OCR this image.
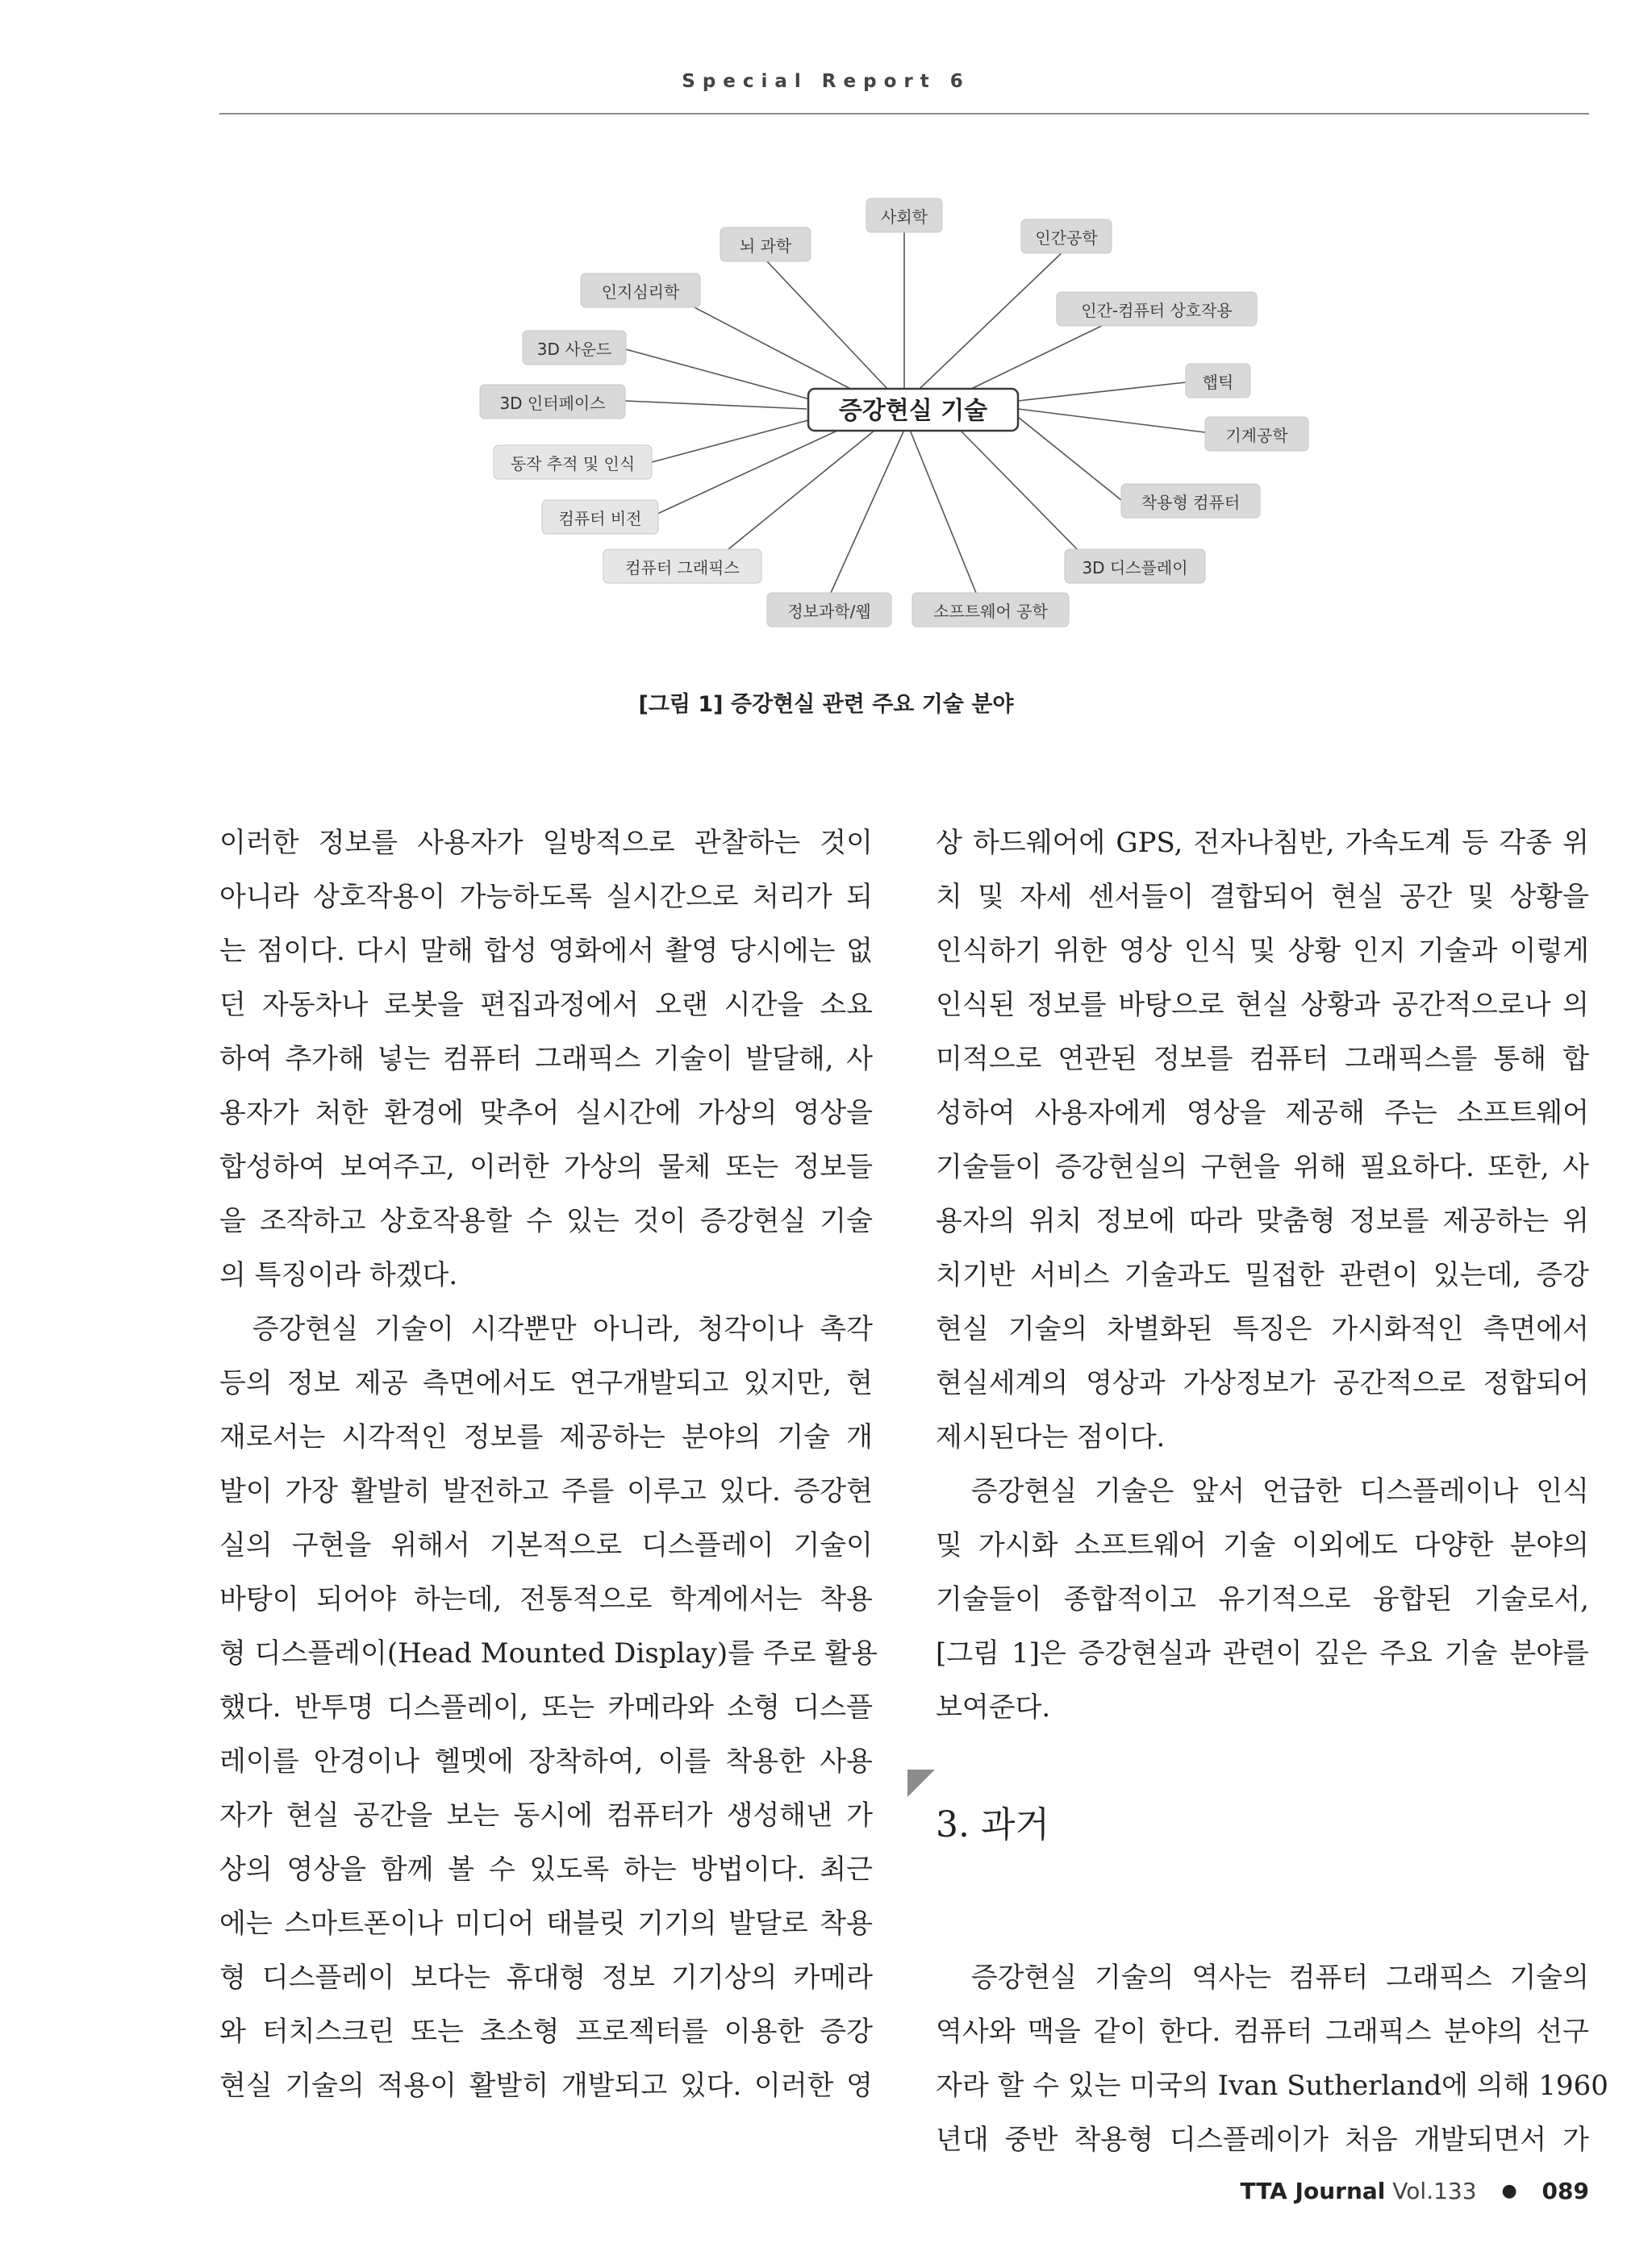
Special Report 6
사회학
뇌 과학	인간공학
인지심리학
인간-컴퓨터 상호작용
3D 사운드
햅틱
3D 인터페이스
기계공학
동작 추적 및 인식
착용형 컴퓨터
컴퓨터 비전
컴퓨터 그래픽스	3D 디스플레이
정보과학/웹	소프트웨어 공학
증강현실 기술
[그림 1] 증강현실 관련 주요 기술 분야
이러한 정보를 사용자가 일방적으로 관찰하는 것이
아니라 상호작용이 가능하도록 실시간으로 처리가 되
는 점이다. 다시 말해 합성 영화에서 촬영 당시에는 없
던 자동차나 로봇을 편집과정에서 오랜 시간을 소요
하여 추가해 넣는 컴퓨터 그래픽스 기술이 발달해, 사
용자가 처한 환경에 맞추어 실시간에 가상의 영상을
합성하여 보여주고, 이러한 가상의 물체 또는 정보들
을 조작하고 상호작용할 수 있는 것이 증강현실 기술
의 특징이라 하겠다.
증강현실 기술이 시각뿐만 아니라, 청각이나 촉각
등의 정보 제공 측면에서도 연구개발되고 있지만, 현
재로서는 시각적인 정보를 제공하는 분야의 기술 개
발이 가장 활발히 발전하고 주를 이루고 있다. 증강현
실의 구현을 위해서 기본적으로 디스플레이 기술이
바탕이 되어야 하는데, 전통적으로 학계에서는 착용
형 디스플레이(Head Mounted Display)를 주로 활용
했다. 반투명 디스플레이, 또는 카메라와 소형 디스플
레이를 안경이나 헬멧에 장착하여, 이를 착용한 사용
자가 현실 공간을 보는 동시에 컴퓨터가 생성해낸 가
상의 영상을 함께 볼 수 있도록 하는 방법이다. 최근
에는 스마트폰이나 미디어 태블릿 기기의 발달로 착용
형 디스플레이 보다는 휴대형 정보 기기상의 카메라
와 터치스크린 또는 초소형 프로젝터를 이용한 증강
현실 기술의 적용이 활발히 개발되고 있다. 이러한 영
상 하드웨어에 GPS, 전자나침반, 가속도계 등 각종 위
치 및 자세 센서들이 결합되어 현실 공간 및 상황을
인식하기 위한 영상 인식 및 상황 인지 기술과 이렇게
인식된 정보를 바탕으로 현실 상황과 공간적으로나 의
미적으로 연관된 정보를 컴퓨터 그래픽스를 통해 합
성하여 사용자에게 영상을 제공해 주는 소프트웨어
기술들이 증강현실의 구현을 위해 필요하다. 또한, 사
용자의 위치 정보에 따라 맞춤형 정보를 제공하는 위
치기반 서비스 기술과도 밀접한 관련이 있는데, 증강
현실 기술의 차별화된 특징은 가시화적인 측면에서
현실세계의 영상과 가상정보가 공간적으로 정합되어
제시된다는 점이다.
증강현실 기술은 앞서 언급한 디스플레이나 인식
및 가시화 소프트웨어 기술 이외에도 다양한 분야의
기술들이 종합적이고 유기적으로 융합된 기술로서,
[그림 1]은 증강현실과 관련이 깊은 주요 기술 분야를
보여준다.
증강현실 기술의 역사는 컴퓨터 그래픽스 기술의
역사와 맥을 같이 한다. 컴퓨터 그래픽스 분야의 선구
자라 할 수 있는 미국의 Ivan Sutherland에 의해 1960
년대 중반 착용형 디스플레이가 처음 개발되면서 가
3. 과거
TTA Journal Vol.133 ● 089
